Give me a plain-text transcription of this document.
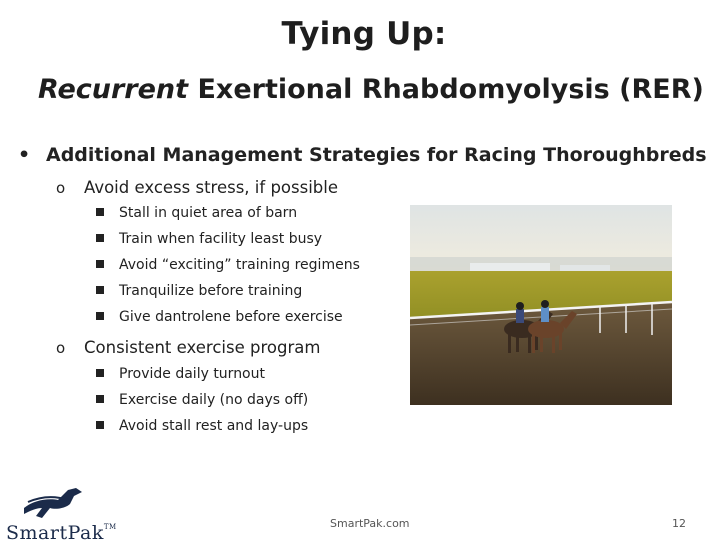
Tying Up:
Recurrent Exertional Rhabdomyolysis (RER)
• Additional Management Strategies for Racing Thoroughbreds
o Avoid excess stress, if possible
Stall in quiet area of barn
Train when facility least busy
Avoid “exciting” training regimens
Tranquilize before training
Give dantrolene before exercise
o Consistent exercise program
Provide daily turnout
Exercise daily (no days off)
Avoid stall rest and lay-ups
SmartPak™	SmartPak.com	12
